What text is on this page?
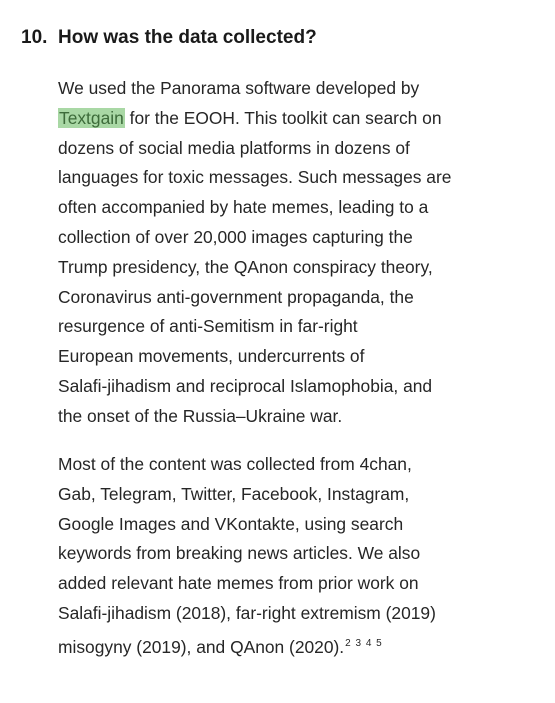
10. How was the data collected?

We used the Panorama software developed by
Textgain for the EOOH. This toolkit can search on
dozens of social media platforms in dozens of
languages for toxic messages. Such messages are
often accompanied by hate memes, leading to a
collection of over 20,000 images capturing the
Trump presidency, the QAnon conspiracy theory,
Coronavirus anti-government propaganda, the
resurgence of anti-Semitism in far-right
European movements, undercurrents of
Salafi-jihadism and reciprocal Islamophobia, and
the onset of the Russia–Ukraine war.

Most of the content was collected from 4chan,
Gab, Telegram, Twitter, Facebook, Instagram,
Google Images and VKontakte, using search
keywords from breaking news articles. We also
added relevant hate memes from prior work on
Salafi-jihadism (2018), far-right extremism (2019)
misogyny (2019), and QAnon (2020).$^{2 3 4 5}$
